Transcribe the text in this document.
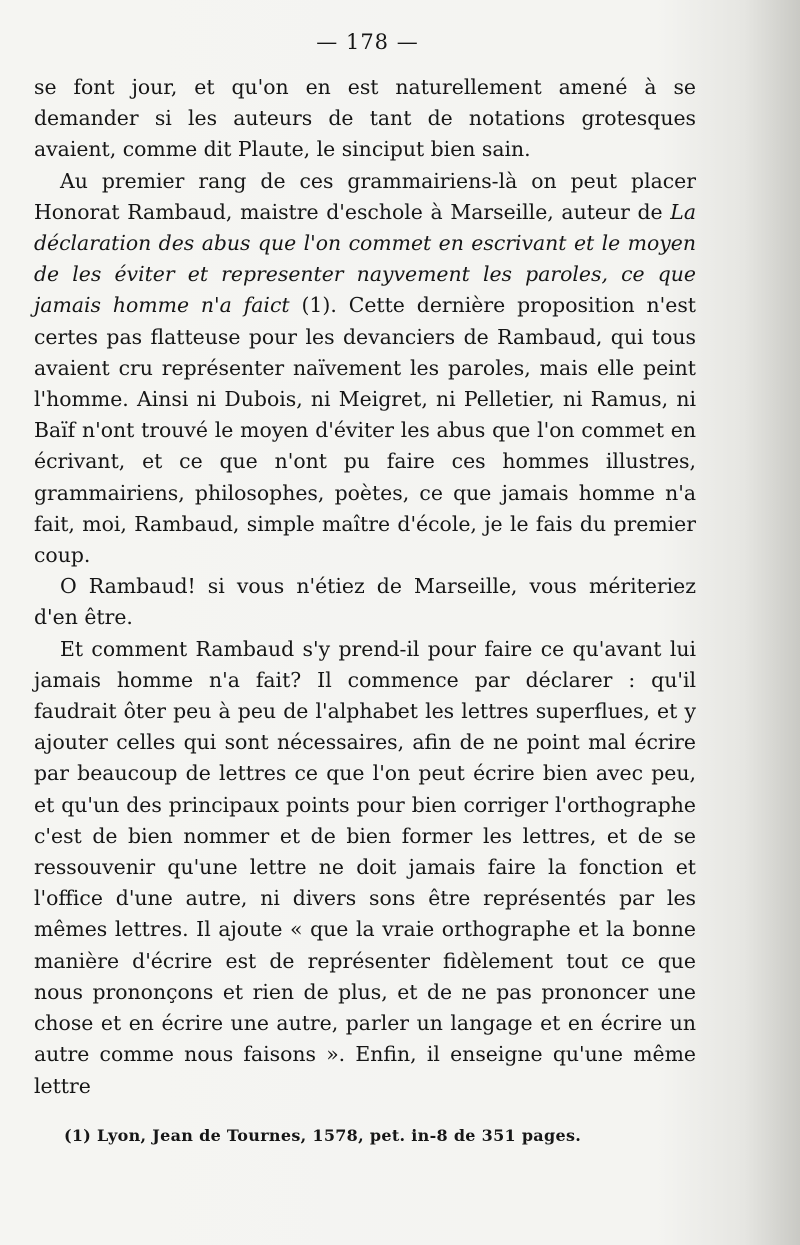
— 178 —

se font jour, et qu'on en est naturellement amené à se demander si les auteurs de tant de notations grotesques avaient, comme dit Plaute, le sinciput bien sain.

Au premier rang de ces grammairiens-là on peut placer Honorat Rambaud, maistre d'eschole à Marseille, auteur de La déclaration des abus que l'on commet en escrivant et le moyen de les éviter et representer nayvement les paroles, ce que jamais homme n'a faict (1). Cette dernière proposition n'est certes pas flatteuse pour les devanciers de Rambaud, qui tous avaient cru représenter naïvement les paroles, mais elle peint l'homme. Ainsi ni Dubois, ni Meigret, ni Pelletier, ni Ramus, ni Baïf n'ont trouvé le moyen d'éviter les abus que l'on commet en écrivant, et ce que n'ont pu faire ces hommes illustres, grammairiens, philosophes, poètes, ce que jamais homme n'a fait, moi, Rambaud, simple maître d'école, je le fais du premier coup.

O Rambaud! si vous n'étiez de Marseille, vous mériteriez d'en être.

Et comment Rambaud s'y prend-il pour faire ce qu'avant lui jamais homme n'a fait? Il commence par déclarer : qu'il faudrait ôter peu à peu de l'alphabet les lettres superflues, et y ajouter celles qui sont nécessaires, afin de ne point mal écrire par beaucoup de lettres ce que l'on peut écrire bien avec peu, et qu'un des principaux points pour bien corriger l'orthographe c'est de bien nommer et de bien former les lettres, et de se ressouvenir qu'une lettre ne doit jamais faire la fonction et l'office d'une autre, ni divers sons être représentés par les mêmes lettres. Il ajoute « que la vraie orthographe et la bonne manière d'écrire est de représenter fidèlement tout ce que nous prononçons et rien de plus, et de ne pas prononcer une chose et en écrire une autre, parler un langage et en écrire un autre comme nous faisons ». Enfin, il enseigne qu'une même lettre

(1) Lyon, Jean de Tournes, 1578, pet. in-8 de 351 pages.
